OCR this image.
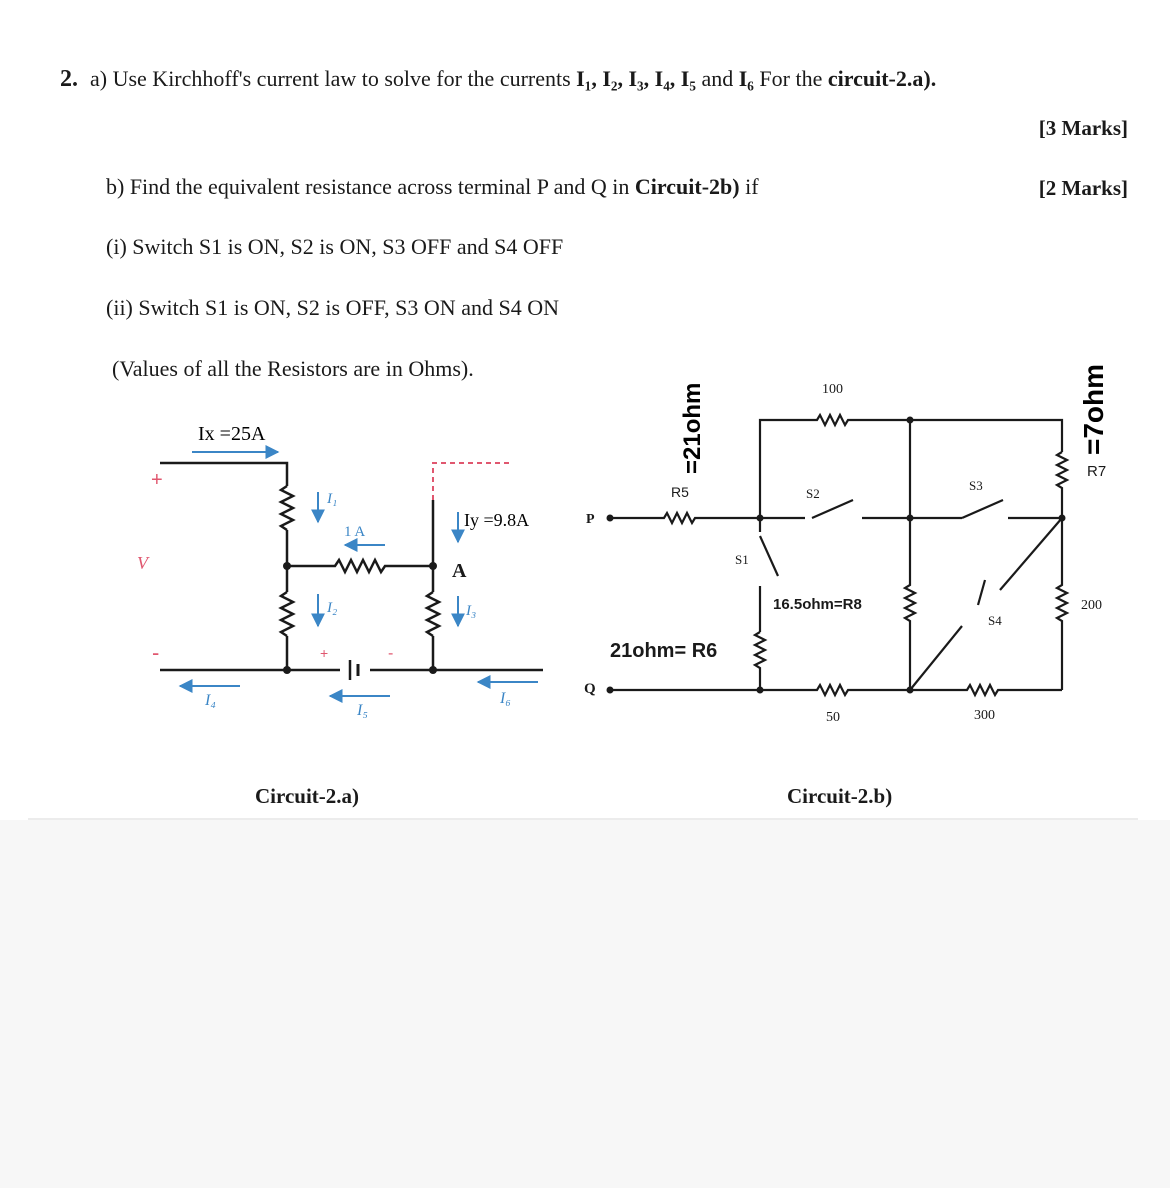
2. a) Use Kirchhoff's current law to solve for the currents I₁, I₂, I₃, I₄, I₅ and I₆ For the circuit-2.a).
[3 Marks]
b) Find the equivalent resistance across terminal P and Q in Circuit-2b) if	[2 Marks]
(i) Switch S1 is ON, S2 is ON, S3 OFF and S4 OFF
(ii) Switch S1 is ON, S2 is OFF, S3 ON and S4 ON
(Values of all the Resistors are in Ohms).
Ix =25A
+
V
-
I₁
1 A
I₂
Iy =9.8A
A
I₃
+	-
I₄
I₅
I₆
Circuit-2.a)
P
Q
R5
=21ohm	100
S2
S3
S1
16.5ohm=R8
S4
21ohm= R6
50	300
200
R7
=7ohm
Circuit-2.b)
